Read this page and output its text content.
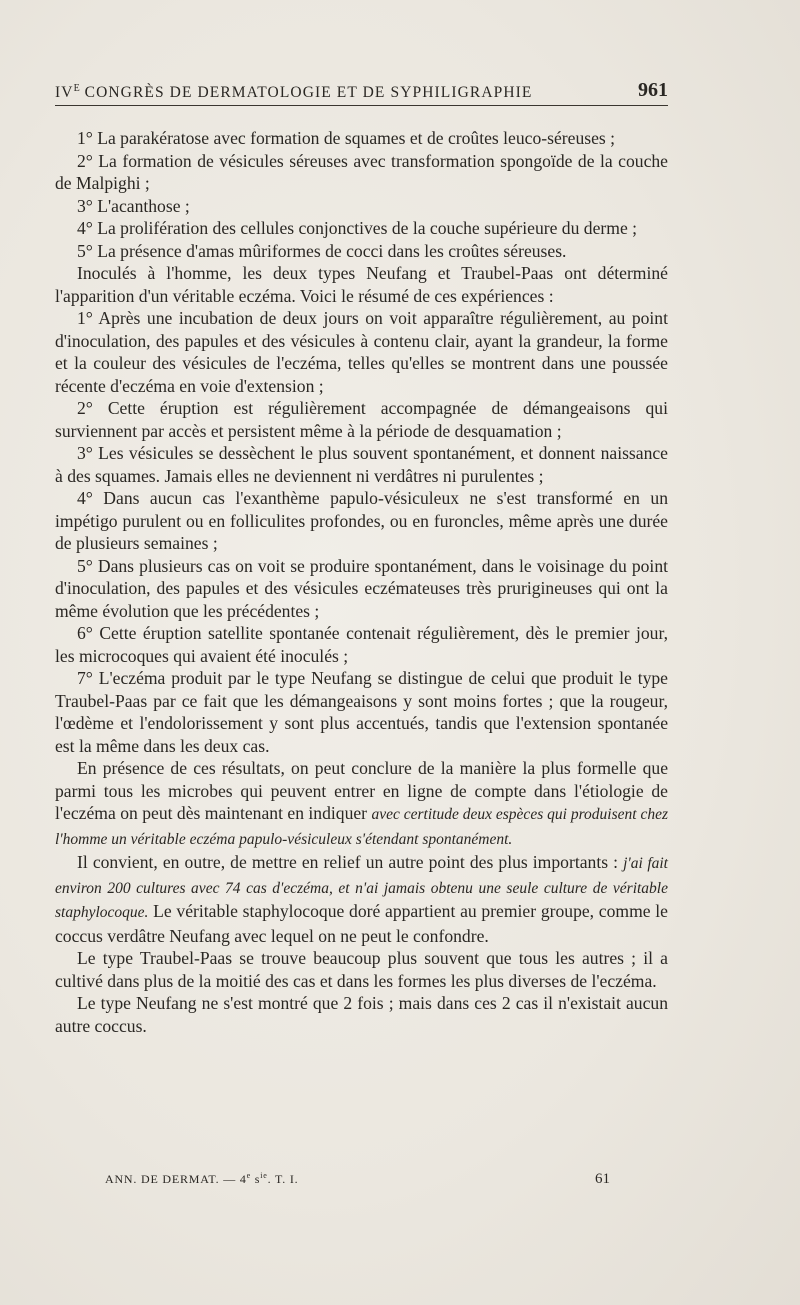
$IV^E$ CONGRÈS DE DERMATOLOGIE ET DE SYPHILIGRAPHIE	961

1° La parakératose avec formation de squames et de croûtes leuco-séreuses ;

2° La formation de vésicules séreuses avec transformation spongoïde de la couche de Malpighi ;

3° L'acanthose ;

4° La prolifération des cellules conjonctives de la couche supérieure du derme ;

5° La présence d'amas mûriformes de cocci dans les croûtes séreuses.

Inoculés à l'homme, les deux types Neufang et Traubel-Paas ont déterminé l'apparition d'un véritable eczéma. Voici le résumé de ces expériences :

1° Après une incubation de deux jours on voit apparaître régulièrement, au point d'inoculation, des papules et des vésicules à contenu clair, ayant la grandeur, la forme et la couleur des vésicules de l'eczéma, telles qu'elles se montrent dans une poussée récente d'eczéma en voie d'extension ;

2° Cette éruption est régulièrement accompagnée de démangeaisons qui surviennent par accès et persistent même à la période de desquamation ;

3° Les vésicules se dessèchent le plus souvent spontanément, et donnent naissance à des squames. Jamais elles ne deviennent ni verdâtres ni purulentes ;

4° Dans aucun cas l'exanthème papulo-vésiculeux ne s'est transformé en un impétigo purulent ou en folliculites profondes, ou en furoncles, même après une durée de plusieurs semaines ;

5° Dans plusieurs cas on voit se produire spontanément, dans le voisinage du point d'inoculation, des papules et des vésicules eczémateuses très prurigineuses qui ont la même évolution que les précédentes ;

6° Cette éruption satellite spontanée contenait régulièrement, dès le premier jour, les microcoques qui avaient été inoculés ;

7° L'eczéma produit par le type Neufang se distingue de celui que produit le type Traubel-Paas par ce fait que les démangeaisons y sont moins fortes ; que la rougeur, l'œdème et l'endolorissement y sont plus accentués, tandis que l'extension spontanée est la même dans les deux cas.

En présence de ces résultats, on peut conclure de la manière la plus formelle que parmi tous les microbes qui peuvent entrer en ligne de compte dans l'étiologie de l'eczéma on peut dès maintenant en indiquer avec certitude deux espèces qui produisent chez l'homme un véritable eczéma papulo-vésiculeux s'étendant spontanément.

Il convient, en outre, de mettre en relief un autre point des plus importants : j'ai fait environ 200 cultures avec 74 cas d'eczéma, et n'ai jamais obtenu une seule culture de véritable staphylocoque. Le véritable staphylocoque doré appartient au premier groupe, comme le coccus verdâtre Neufang avec lequel on ne peut le confondre.

Le type Traubel-Paas se trouve beaucoup plus souvent que tous les autres ; il a cultivé dans plus de la moitié des cas et dans les formes les plus diverses de l'eczéma.

Le type Neufang ne s'est montré que 2 fois ; mais dans ces 2 cas il n'existait aucun autre coccus.

ANN. DE DERMAT. — 4e $s^{ie}$. T. I.	61
